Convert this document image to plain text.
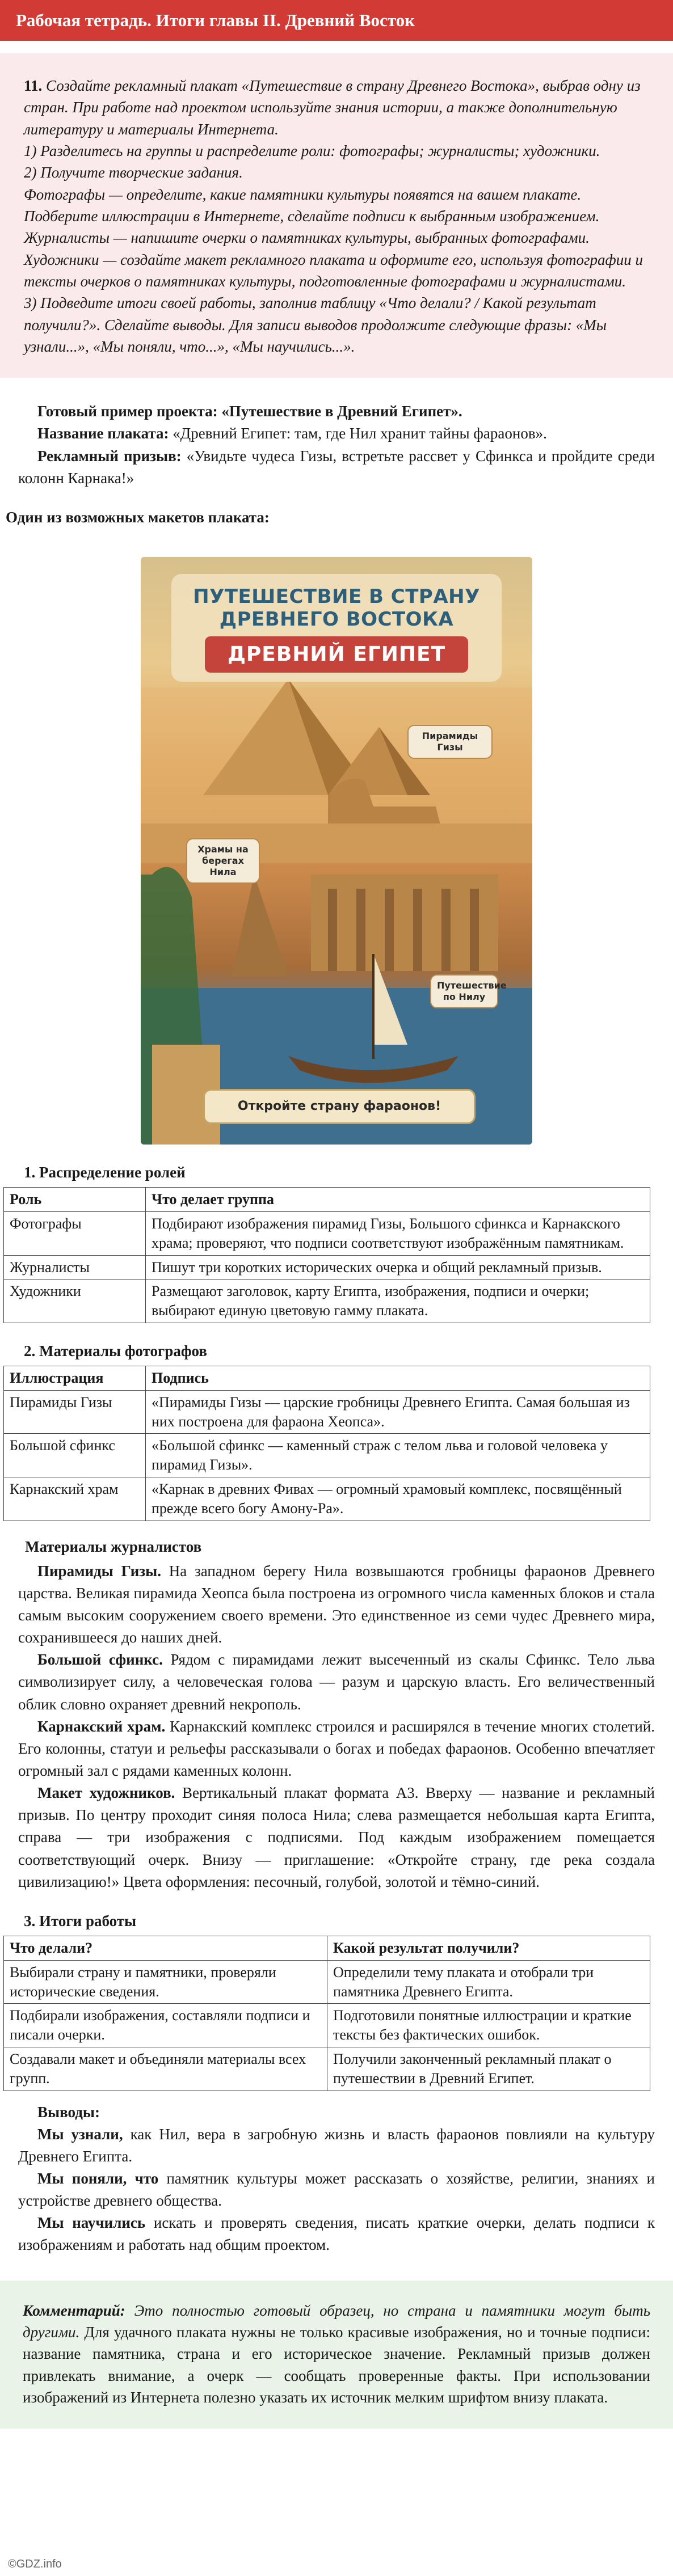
Рабочая тетрадь. Итоги главы II. Древний Восток

11. Создайте рекламный плакат «Путешествие в страну Древнего Востока», выбрав одну из стран. При работе над проектом используйте знания истории, а также дополнительную литературу и материалы Интернета.

1) Разделитесь на группы и распределите роли: фотографы; журналисты; художники.

2) Получите творческие задания.

Фотографы — определите, какие памятники культуры появятся на вашем плакате. Подберите иллюстрации в Интернете, сделайте подписи к выбранным изображением.

Журналисты — напишите очерки о памятниках культуры, выбранных фотографами.

Художники — создайте макет рекламного плаката и оформите его, используя фотографии и тексты очерков о памятниках культуры, подготовленные фотографами и журналистами.

3) Подведите итоги своей работы, заполнив таблицу «Что делали? / Какой результат получили?». Сделайте выводы. Для записи выводов продолжите следующие фразы: «Мы узнали...», «Мы поняли, что...», «Мы научились...».

Готовый пример проекта: «Путешествие в Древний Египет».

Название плаката: «Древний Египет: там, где Нил хранит тайны фараонов».

Рекламный призыв: «Увидьте чудеса Гизы, встретьте рассвет у Сфинкса и пройдите среди колонн Карнака!»

Один из возможных макетов плаката:

ПУТЕШЕСТВИЕ В СТРАНУ
ДРЕВНЕГО ВОСТОКА
ДРЕВНИЙ ЕГИПЕТ
Пирамиды Гизы
Храмы на берегах Нила
Путешествие по Нилу
Откройте страну фараонов!
1. Распределение ролей
Роль	Что делает группа
Фотографы	Подбирают изображения пирамид Гизы, Большого сфинкса и Карнакского храма; проверяют, что подписи соответствуют изображённым памятникам.
Журналисты	Пишут три коротких исторических очерка и общий рекламный призыв.
Художники	Размещают заголовок, карту Египта, изображения, подписи и очерки; выбирают единую цветовую гамму плаката.
2. Материалы фотографов
Иллюстрация	Подпись
Пирамиды Гизы	«Пирамиды Гизы — царские гробницы Древнего Египта. Самая большая из них построена для фараона Хеопса».
Большой сфинкс	«Большой сфинкс — каменный страж с телом льва и головой человека у пирамид Гизы».
Карнакский храм	«Карнак в древних Фивах — огромный храмовый комплекс, посвящённый прежде всего богу Амону-Ра».

Материалы журналистов

Пирамиды Гизы. На западном берегу Нила возвышаются гробницы фараонов Древнего царства. Великая пирамида Хеопса была построена из огромного числа каменных блоков и стала самым высоким сооружением своего времени. Это единственное из семи чудес Древнего мира, сохранившееся до наших дней.

Большой сфинкс. Рядом с пирамидами лежит высеченный из скалы Сфинкс. Тело льва символизирует силу, а человеческая голова — разум и царскую власть. Его величественный облик словно охраняет древний некрополь.

Карнакский храм. Карнакский комплекс строился и расширялся в течение многих столетий. Его колонны, статуи и рельефы рассказывали о богах и победах фараонов. Особенно впечатляет огромный зал с рядами каменных колонн.

Макет художников. Вертикальный плакат формата А3. Вверху — название и рекламный призыв. По центру проходит синяя полоса Нила; слева размещается небольшая карта Египта, справа — три изображения с подписями. Под каждым изображением помещается соответствующий очерк. Внизу — приглашение: «Откройте страну, где река создала цивилизацию!» Цвета оформления: песочный, голубой, золотой и тёмно-синий.

3. Итоги работы
Что делали?	Какой результат получили?
Выбирали страну и памятники, проверяли исторические сведения.	Определили тему плаката и отобрали три памятника Древнего Египта.
Подбирали изображения, составляли подписи и писали очерки.	Подготовили понятные иллюстрации и краткие тексты без фактических ошибок.
Создавали макет и объединяли материалы всех групп.	Получили законченный рекламный плакат о путешествии в Древний Египет.

Выводы:

Мы узнали, как Нил, вера в загробную жизнь и власть фараонов повлияли на культуру Древнего Египта.

Мы поняли, что памятник культуры может рассказать о хозяйстве, религии, знаниях и устройстве древнего общества.

Мы научились искать и проверять сведения, писать краткие очерки, делать подписи к изображениям и работать над общим проектом.

Комментарий: Это полностью готовый образец, но страна и памятники могут быть другими. Для удачного плаката нужны не только красивые изображения, но и точные подписи: название памятника, страна и его историческое значение. Рекламный призыв должен привлекать внимание, а очерк — сообщать проверенные факты. При использовании изображений из Интернета полезно указать их источник мелким шрифтом внизу плаката.
©GDZ.info
